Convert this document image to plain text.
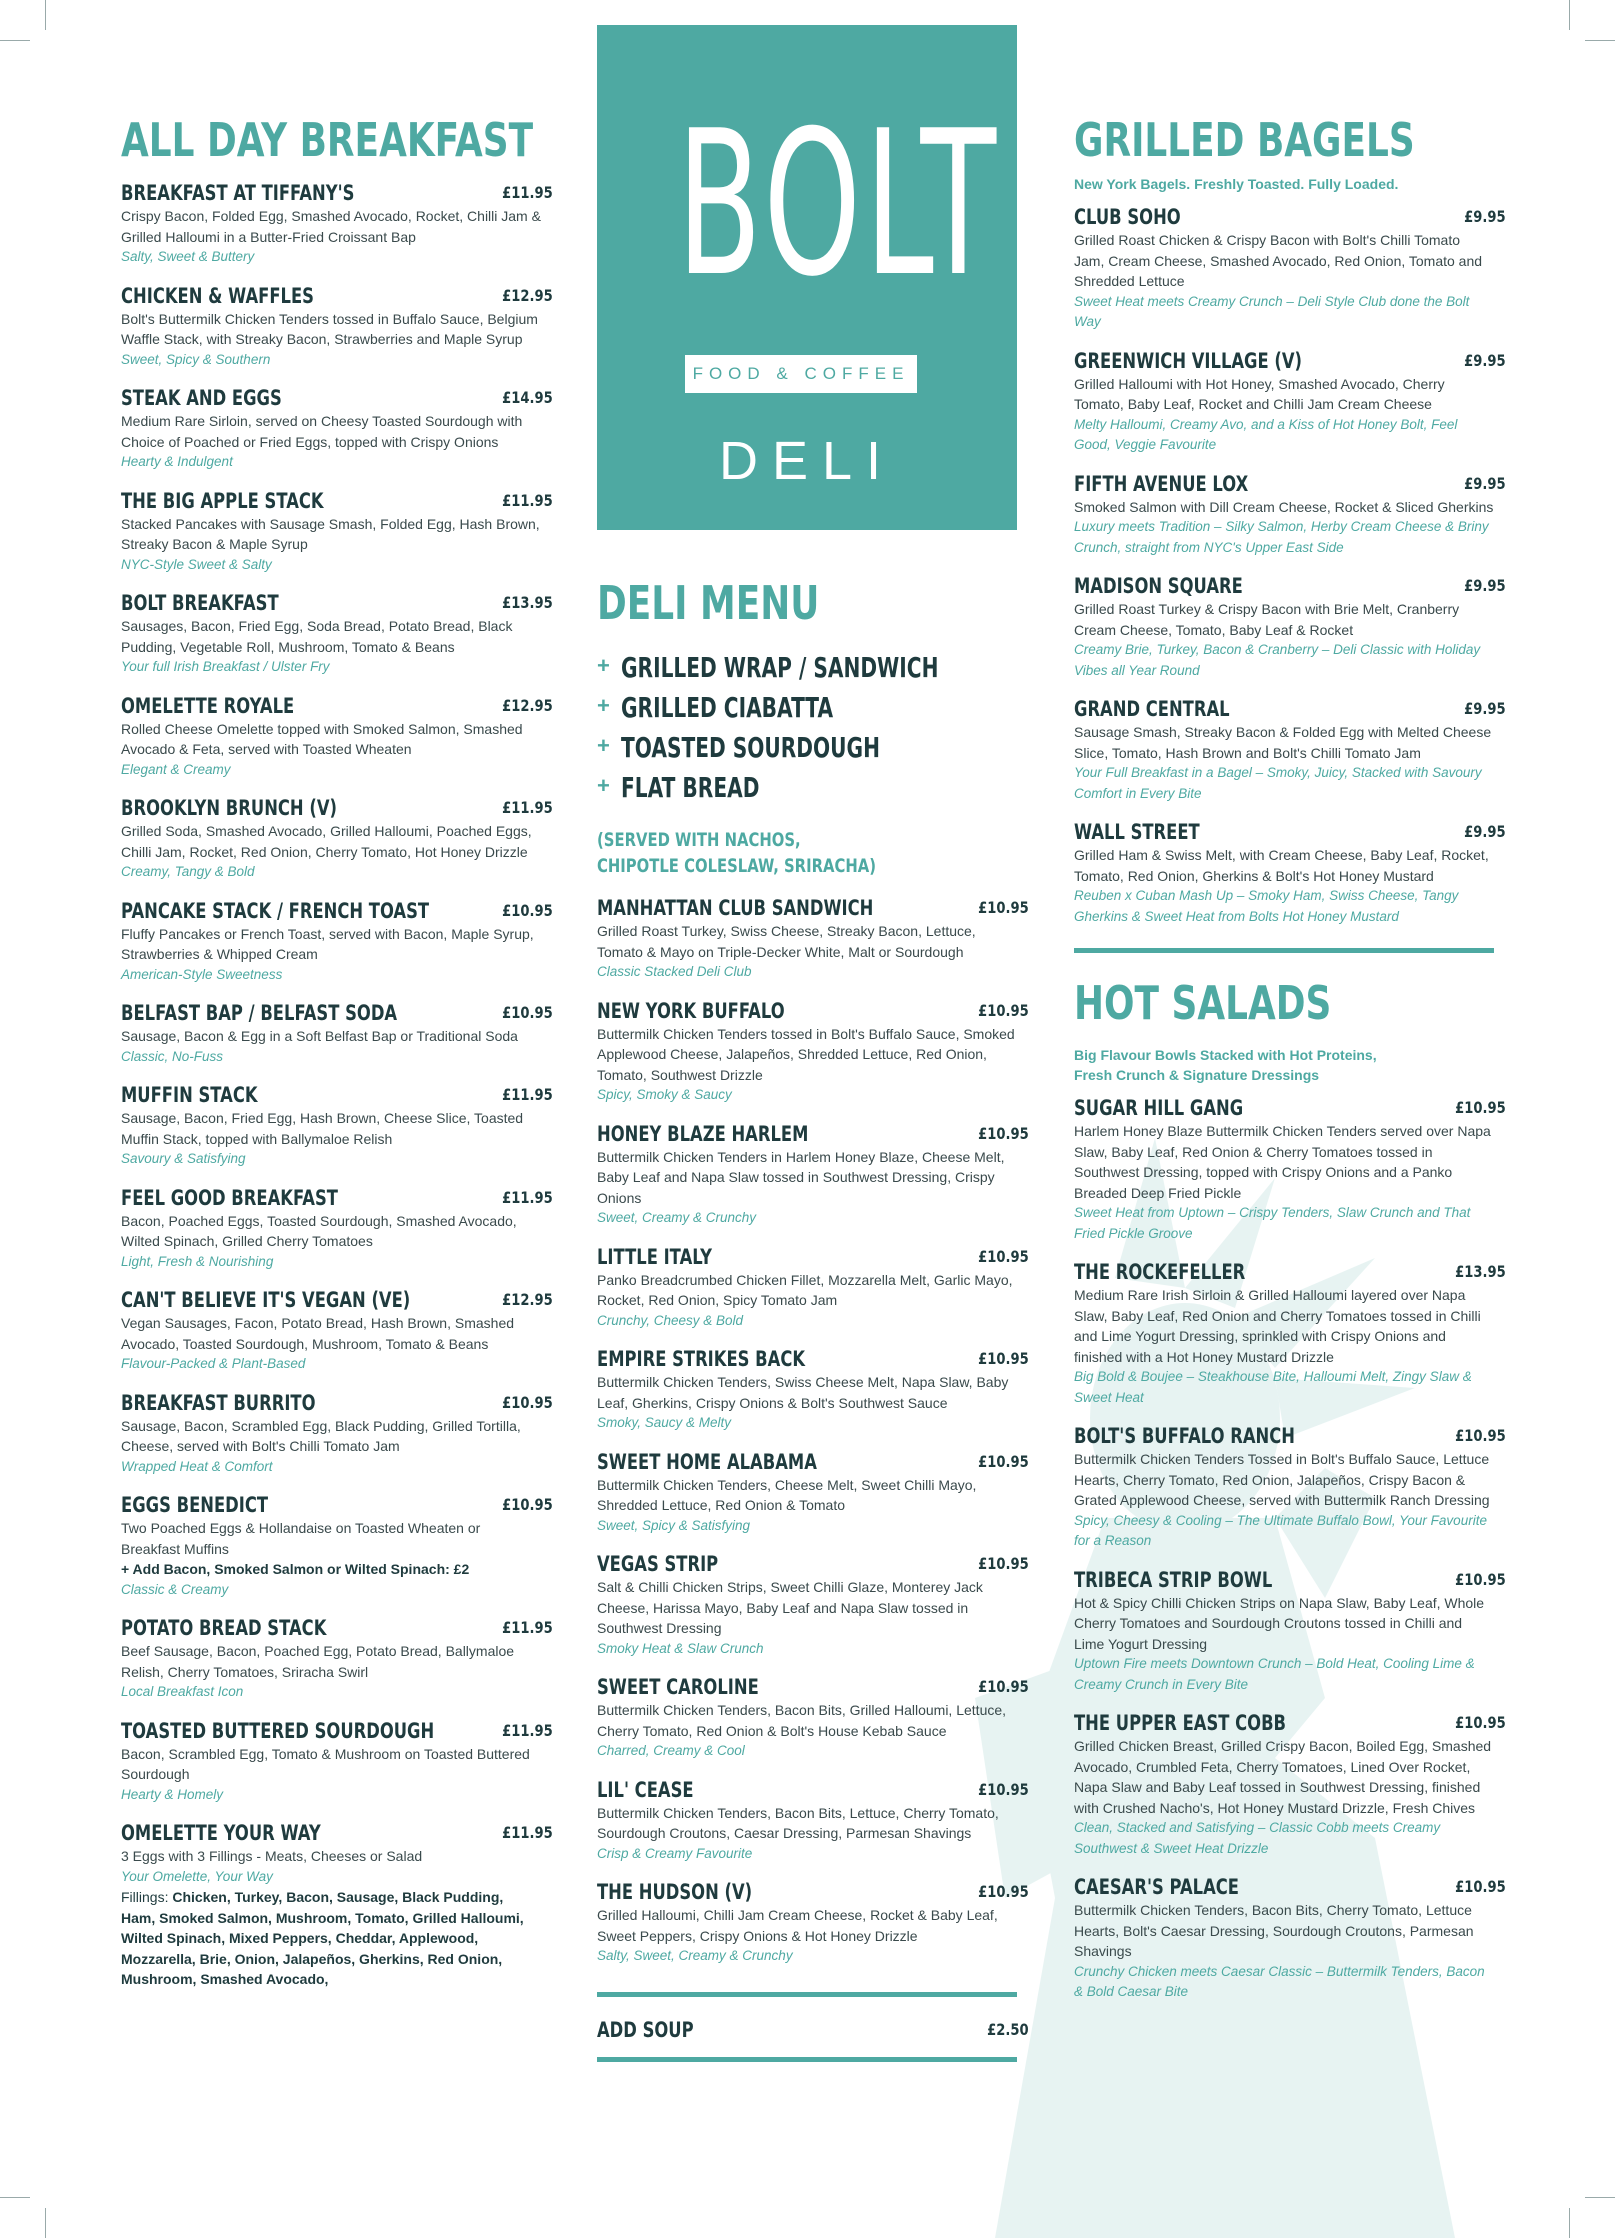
ALL DAY BREAKFAST
BREAKFAST AT TIFFANY'S	£11.95
Crispy Bacon, Folded Egg, Smashed Avocado, Rocket, Chilli Jam & Grilled Halloumi in a Butter-Fried Croissant Bap
Salty, Sweet & Buttery
CHICKEN & WAFFLES	£12.95
Bolt's Buttermilk Chicken Tenders tossed in Buffalo Sauce, Belgium Waffle Stack, with Streaky Bacon, Strawberries and Maple Syrup
Sweet, Spicy & Southern
STEAK AND EGGS	£14.95
Medium Rare Sirloin, served on Cheesy Toasted Sourdough with Choice of Poached or Fried Eggs, topped with Crispy Onions
Hearty & Indulgent
THE BIG APPLE STACK	£11.95
Stacked Pancakes with Sausage Smash, Folded Egg, Hash Brown, Streaky Bacon & Maple Syrup
NYC-Style Sweet & Salty
BOLT BREAKFAST	£13.95
Sausages, Bacon, Fried Egg, Soda Bread, Potato Bread, Black Pudding, Vegetable Roll, Mushroom, Tomato & Beans
Your full Irish Breakfast / Ulster Fry
OMELETTE ROYALE	£12.95
Rolled Cheese Omelette topped with Smoked Salmon, Smashed Avocado & Feta, served with Toasted Wheaten
Elegant & Creamy
BROOKLYN BRUNCH (V)	£11.95
Grilled Soda, Smashed Avocado, Grilled Halloumi, Poached Eggs, Chilli Jam, Rocket, Red Onion, Cherry Tomato, Hot Honey Drizzle
Creamy, Tangy & Bold
PANCAKE STACK / FRENCH TOAST	£10.95
Fluffy Pancakes or French Toast, served with Bacon, Maple Syrup, Strawberries & Whipped Cream
American-Style Sweetness
BELFAST BAP / BELFAST SODA	£10.95
Sausage, Bacon & Egg in a Soft Belfast Bap or Traditional Soda
Classic, No-Fuss
MUFFIN STACK	£11.95
Sausage, Bacon, Fried Egg, Hash Brown, Cheese Slice, Toasted Muffin Stack, topped with Ballymaloe Relish
Savoury & Satisfying
FEEL GOOD BREAKFAST	£11.95
Bacon, Poached Eggs, Toasted Sourdough, Smashed Avocado, Wilted Spinach, Grilled Cherry Tomatoes
Light, Fresh & Nourishing
CAN'T BELIEVE IT'S VEGAN (VE)	£12.95
Vegan Sausages, Facon, Potato Bread, Hash Brown, Smashed Avocado, Toasted Sourdough, Mushroom, Tomato & Beans
Flavour-Packed & Plant-Based
BREAKFAST BURRITO	£10.95
Sausage, Bacon, Scrambled Egg, Black Pudding, Grilled Tortilla, Cheese, served with Bolt's Chilli Tomato Jam
Wrapped Heat & Comfort
EGGS BENEDICT	£10.95
Two Poached Eggs & Hollandaise on Toasted Wheaten or Breakfast Muffins
+ Add Bacon, Smoked Salmon or Wilted Spinach: £2
Classic & Creamy
POTATO BREAD STACK	£11.95
Beef Sausage, Bacon, Poached Egg, Potato Bread, Ballymaloe Relish, Cherry Tomatoes, Sriracha Swirl
Local Breakfast Icon
TOASTED BUTTERED SOURDOUGH	£11.95
Bacon, Scrambled Egg, Tomato & Mushroom on Toasted Buttered Sourdough
Hearty & Homely
OMELETTE YOUR WAY	£11.95
3 Eggs with 3 Fillings - Meats, Cheeses or Salad
Your Omelette, Your Way
Fillings: Chicken, Turkey, Bacon, Sausage, Black Pudding, Ham, Smoked Salmon, Mushroom, Tomato, Grilled Halloumi, Wilted Spinach, Mixed Peppers, Cheddar, Applewood, Mozzarella, Brie, Onion, Jalapeños, Gherkins, Red Onion, Mushroom, Smashed Avocado,
BOLT
FOOD & COFFEE
DELI
DELI MENU
+ GRILLED WRAP / SANDWICH
+ GRILLED CIABATTA
+ TOASTED SOURDOUGH
+ FLAT BREAD
(SERVED WITH NACHOS,
CHIPOTLE COLESLAW, SRIRACHA)
MANHATTAN CLUB SANDWICH	£10.95
Grilled Roast Turkey, Swiss Cheese, Streaky Bacon, Lettuce, Tomato & Mayo on Triple-Decker White, Malt or Sourdough
Classic Stacked Deli Club
NEW YORK BUFFALO	£10.95
Buttermilk Chicken Tenders tossed in Bolt's Buffalo Sauce, Smoked Applewood Cheese, Jalapeños, Shredded Lettuce, Red Onion, Tomato, Southwest Drizzle
Spicy, Smoky & Saucy
HONEY BLAZE HARLEM	£10.95
Buttermilk Chicken Tenders in Harlem Honey Blaze, Cheese Melt, Baby Leaf and Napa Slaw tossed in Southwest Dressing, Crispy Onions
Sweet, Creamy & Crunchy
LITTLE ITALY	£10.95
Panko Breadcrumbed Chicken Fillet, Mozzarella Melt, Garlic Mayo, Rocket, Red Onion, Spicy Tomato Jam
Crunchy, Cheesy & Bold
EMPIRE STRIKES BACK	£10.95
Buttermilk Chicken Tenders, Swiss Cheese Melt, Napa Slaw, Baby Leaf, Gherkins, Crispy Onions & Bolt's Southwest Sauce
Smoky, Saucy & Melty
SWEET HOME ALABAMA	£10.95
Buttermilk Chicken Tenders, Cheese Melt, Sweet Chilli Mayo, Shredded Lettuce, Red Onion & Tomato
Sweet, Spicy & Satisfying
VEGAS STRIP	£10.95
Salt & Chilli Chicken Strips, Sweet Chilli Glaze, Monterey Jack Cheese, Harissa Mayo, Baby Leaf and Napa Slaw tossed in Southwest Dressing
Smoky Heat & Slaw Crunch
SWEET CAROLINE	£10.95
Buttermilk Chicken Tenders, Bacon Bits, Grilled Halloumi, Lettuce, Cherry Tomato, Red Onion & Bolt's House Kebab Sauce
Charred, Creamy & Cool
LIL' CEASE	£10.95
Buttermilk Chicken Tenders, Bacon Bits, Lettuce, Cherry Tomato, Sourdough Croutons, Caesar Dressing, Parmesan Shavings
Crisp & Creamy Favourite
THE HUDSON (V)	£10.95
Grilled Halloumi, Chilli Jam Cream Cheese, Rocket & Baby Leaf, Sweet Peppers, Crispy Onions & Hot Honey Drizzle
Salty, Sweet, Creamy & Crunchy
ADD SOUP	£2.50
GRILLED BAGELS
New York Bagels. Freshly Toasted. Fully Loaded.
CLUB SOHO	£9.95
Grilled Roast Chicken & Crispy Bacon with Bolt's Chilli Tomato Jam, Cream Cheese, Smashed Avocado, Red Onion, Tomato and Shredded Lettuce
Sweet Heat meets Creamy Crunch – Deli Style Club done the Bolt Way
GREENWICH VILLAGE (V)	£9.95
Grilled Halloumi with Hot Honey, Smashed Avocado, Cherry Tomato, Baby Leaf, Rocket and Chilli Jam Cream Cheese
Melty Halloumi, Creamy Avo, and a Kiss of Hot Honey Bolt, Feel Good, Veggie Favourite
FIFTH AVENUE LOX	£9.95
Smoked Salmon with Dill Cream Cheese, Rocket & Sliced Gherkins
Luxury meets Tradition – Silky Salmon, Herby Cream Cheese & Briny Crunch, straight from NYC's Upper East Side
MADISON SQUARE	£9.95
Grilled Roast Turkey & Crispy Bacon with Brie Melt, Cranberry Cream Cheese, Tomato, Baby Leaf & Rocket
Creamy Brie, Turkey, Bacon & Cranberry – Deli Classic with Holiday Vibes all Year Round
GRAND CENTRAL	£9.95
Sausage Smash, Streaky Bacon & Folded Egg with Melted Cheese Slice, Tomato, Hash Brown and Bolt's Chilli Tomato Jam
Your Full Breakfast in a Bagel – Smoky, Juicy, Stacked with Savoury Comfort in Every Bite
WALL STREET	£9.95
Grilled Ham & Swiss Melt, with Cream Cheese, Baby Leaf, Rocket, Tomato, Red Onion, Gherkins & Bolt's Hot Honey Mustard
Reuben x Cuban Mash Up – Smoky Ham, Swiss Cheese, Tangy Gherkins & Sweet Heat from Bolts Hot Honey Mustard
HOT SALADS
Big Flavour Bowls Stacked with Hot Proteins,
Fresh Crunch & Signature Dressings
SUGAR HILL GANG	£10.95
Harlem Honey Blaze Buttermilk Chicken Tenders served over Napa Slaw, Baby Leaf, Red Onion & Cherry Tomatoes tossed in Southwest Dressing, topped with Crispy Onions and a Panko Breaded Deep Fried Pickle
Sweet Heat from Uptown – Crispy Tenders, Slaw Crunch and That Fried Pickle Groove
THE ROCKEFELLER	£13.95
Medium Rare Irish Sirloin & Grilled Halloumi layered over Napa Slaw, Baby Leaf, Red Onion and Cherry Tomatoes tossed in Chilli and Lime Yogurt Dressing, sprinkled with Crispy Onions and finished with a Hot Honey Mustard Drizzle
Big Bold & Boujee – Steakhouse Bite, Halloumi Melt, Zingy Slaw & Sweet Heat
BOLT'S BUFFALO RANCH	£10.95
Buttermilk Chicken Tenders Tossed in Bolt's Buffalo Sauce, Lettuce Hearts, Cherry Tomato, Red Onion, Jalapeños, Crispy Bacon & Grated Applewood Cheese, served with Buttermilk Ranch Dressing
Spicy, Cheesy & Cooling – The Ultimate Buffalo Bowl, Your Favourite for a Reason
TRIBECA STRIP BOWL	£10.95
Hot & Spicy Chilli Chicken Strips on Napa Slaw, Baby Leaf, Whole Cherry Tomatoes and Sourdough Croutons tossed in Chilli and Lime Yogurt Dressing
Uptown Fire meets Downtown Crunch – Bold Heat, Cooling Lime & Creamy Crunch in Every Bite
THE UPPER EAST COBB	£10.95
Grilled Chicken Breast, Grilled Crispy Bacon, Boiled Egg, Smashed Avocado, Crumbled Feta, Cherry Tomatoes, Lined Over Rocket, Napa Slaw and Baby Leaf tossed in Southwest Dressing, finished with Crushed Nacho's, Hot Honey Mustard Drizzle, Fresh Chives
Clean, Stacked and Satisfying – Classic Cobb meets Creamy Southwest & Sweet Heat Drizzle
CAESAR'S PALACE	£10.95
Buttermilk Chicken Tenders, Bacon Bits, Cherry Tomato, Lettuce Hearts, Bolt's Caesar Dressing, Sourdough Croutons, Parmesan Shavings
Crunchy Chicken meets Caesar Classic – Buttermilk Tenders, Bacon & Bold Caesar Bite
